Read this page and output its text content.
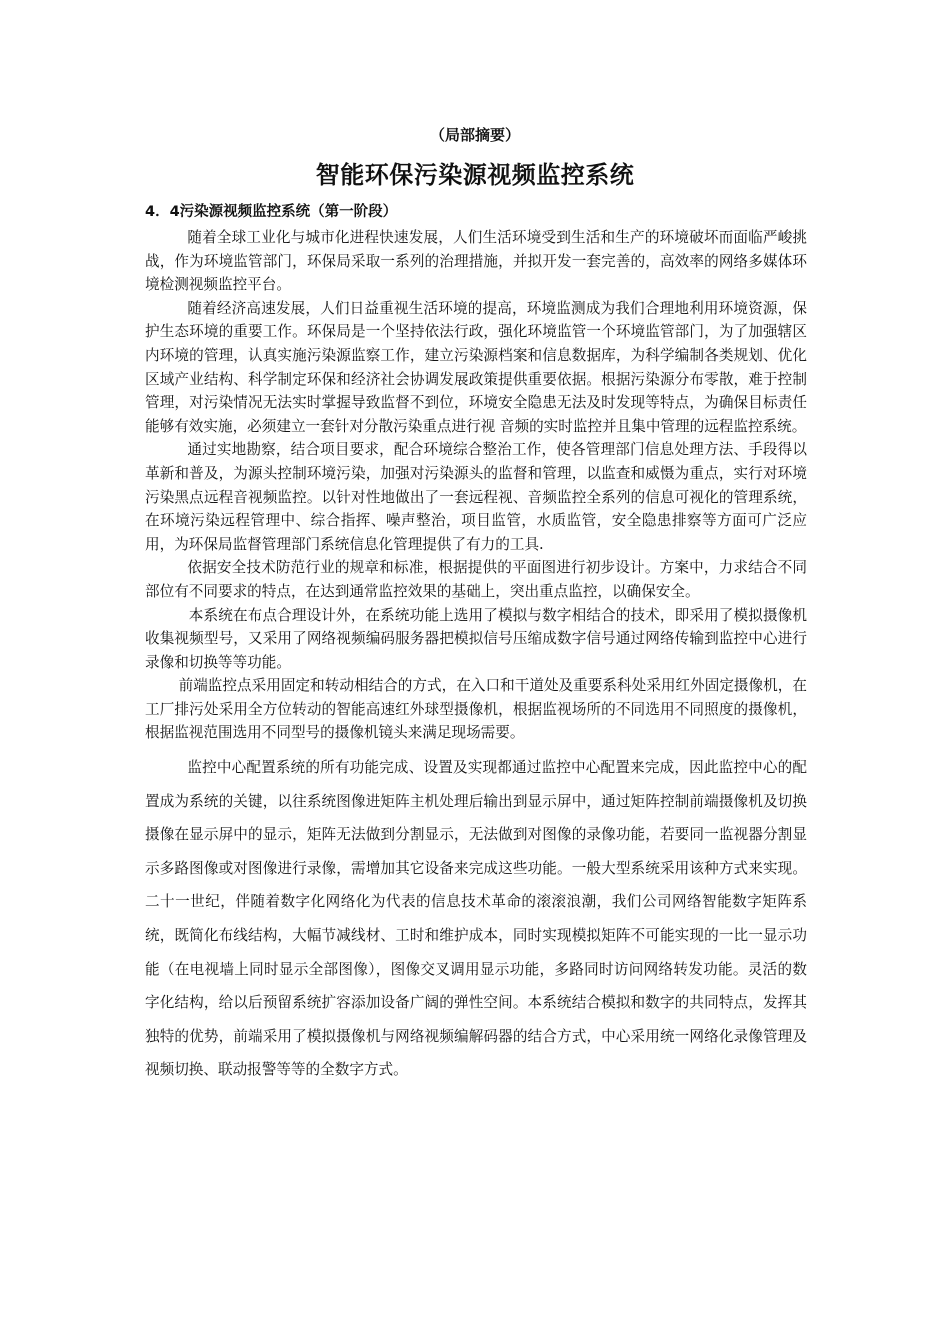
（局部摘要）
智能环保污染源视频监控系统
4．4污染源视频监控系统（第一阶段）

随着全球工业化与城市化进程快速发展，人们生活环境受到生活和生产的环境破坏而面临严峻挑战，作为环境监管部门，环保局采取一系列的治理措施，并拟开发一套完善的，高效率的网络多媒体环境检测视频监控平台。

随着经济高速发展，人们日益重视生活环境的提高，环境监测成为我们合理地利用环境资源，保护生态环境的重要工作。环保局是一个坚持依法行政，强化环境监管一个环境监管部门，为了加强辖区内环境的管理，认真实施污染源监察工作，建立污染源档案和信息数据库，为科学编制各类规划、优化区域产业结构、科学制定环保和经济社会协调发展政策提供重要依据。根据污染源分布零散，难于控制管理，对污染情况无法实时掌握导致监督不到位，环境安全隐患无法及时发现等特点，为确保目标责任能够有效实施，必须建立一套针对分散污染重点进行视 音频的实时监控并且集中管理的远程监控系统。

通过实地勘察，结合项目要求，配合环境综合整治工作，使各管理部门信息处理方法、手段得以革新和普及，为源头控制环境污染，加强对污染源头的监督和管理，以监查和威慑为重点，实行对环境污染黑点远程音视频监控。以针对性地做出了一套远程视、音频监控全系列的信息可视化的管理系统，在环境污染远程管理中、综合指挥、噪声整治，项目监管，水质监管，安全隐患排察等方面可广泛应用，为环保局监督管理部门系统信息化管理提供了有力的工具.

依据安全技术防范行业的规章和标准，根据提供的平面图进行初步设计。方案中，力求结合不同部位有不同要求的特点，在达到通常监控效果的基础上，突出重点监控，以确保安全。

本系统在布点合理设计外，在系统功能上选用了模拟与数字相结合的技术，即采用了模拟摄像机收集视频型号，又采用了网络视频编码服务器把模拟信号压缩成数字信号通过网络传输到监控中心进行录像和切换等等功能。

前端监控点采用固定和转动相结合的方式，在入口和干道处及重要系科处采用红外固定摄像机，在工厂排污处采用全方位转动的智能高速红外球型摄像机，根据监视场所的不同选用不同照度的摄像机，根据监视范围选用不同型号的摄像机镜头来满足现场需要。

监控中心配置系统的所有功能完成、设置及实现都通过监控中心配置来完成，因此监控中心的配置成为系统的关键，以往系统图像进矩阵主机处理后输出到显示屏中，通过矩阵控制前端摄像机及切换摄像在显示屏中的显示，矩阵无法做到分割显示，无法做到对图像的录像功能，若要同一监视器分割显示多路图像或对图像进行录像，需增加其它设备来完成这些功能。一般大型系统采用该种方式来实现。二十一世纪，伴随着数字化网络化为代表的信息技术革命的滚滚浪潮，我们公司网络智能数字矩阵系统，既简化布线结构，大幅节减线材、工时和维护成本，同时实现模拟矩阵不可能实现的一比一显示功能（在电视墙上同时显示全部图像），图像交叉调用显示功能，多路同时访问网络转发功能。灵活的数字化结构，给以后预留系统扩容添加设备广阔的弹性空间。本系统结合模拟和数字的共同特点，发挥其独特的优势，前端采用了模拟摄像机与网络视频编解码器的结合方式，中心采用统一网络化录像管理及视频切换、联动报警等等的全数字方式。
